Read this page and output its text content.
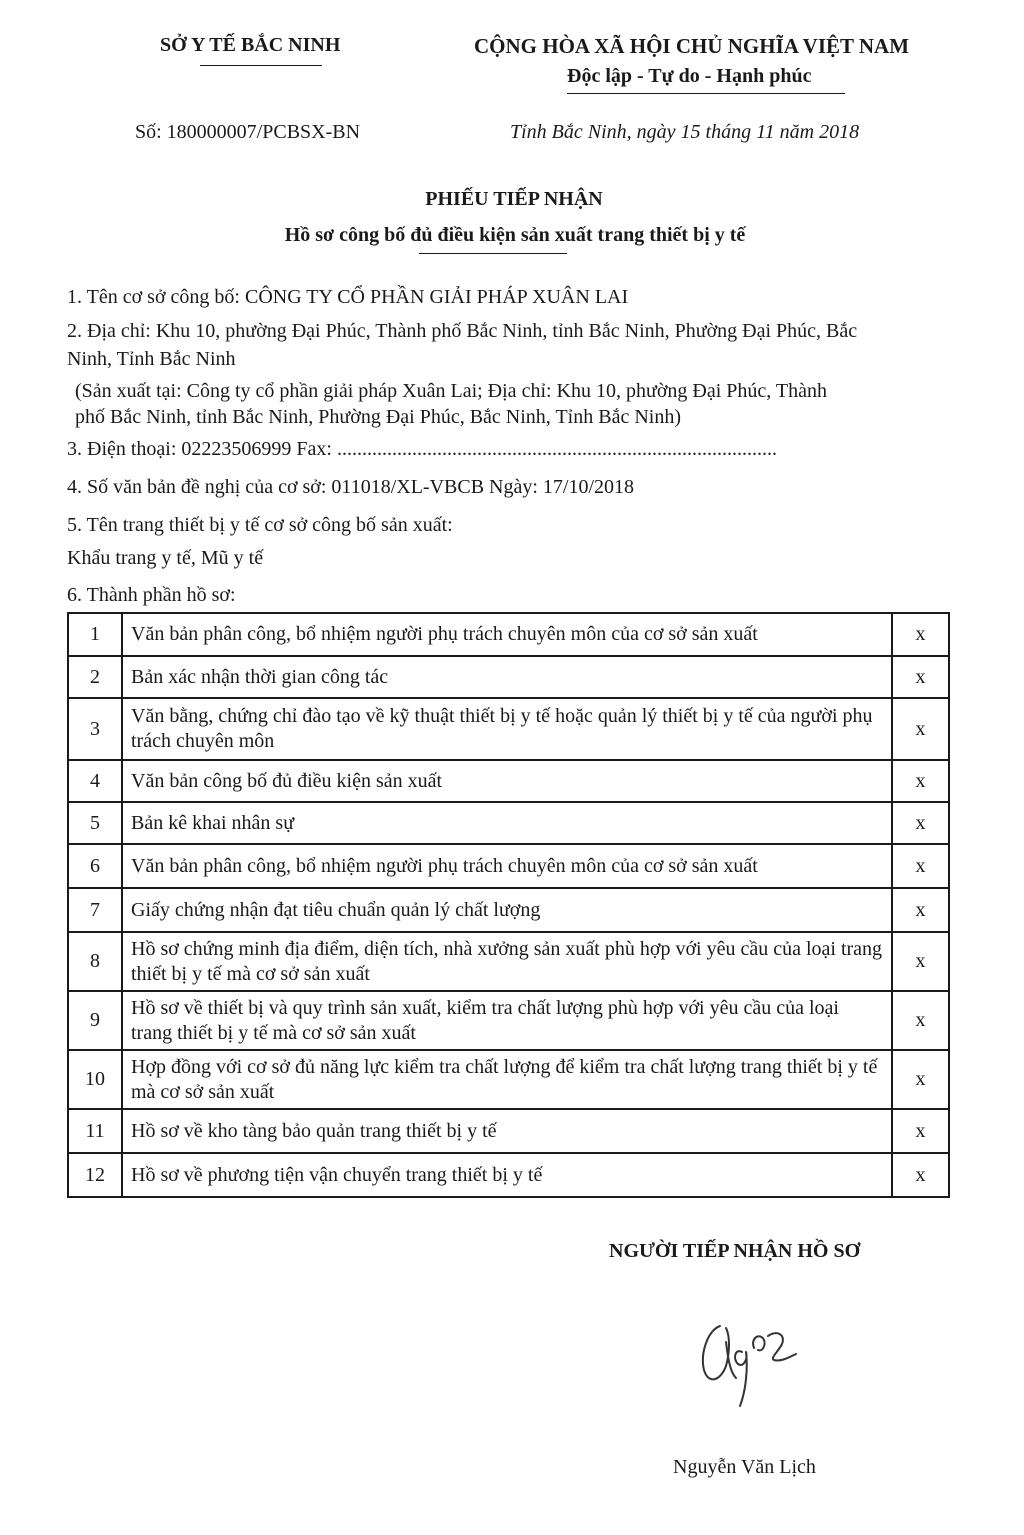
SỞ Y TẾ BẮC NINH	CỘNG HÒA XÃ HỘI CHỦ NGHĨA VIỆT NAM
Độc lập - Tự do - Hạnh phúc
Số: 180000007/PCBSX-BN	Tỉnh Bắc Ninh, ngày 15 tháng 11 năm 2018
PHIẾU TIẾP NHẬN
Hồ sơ công bố đủ điều kiện sản xuất trang thiết bị y tế
1. Tên cơ sở công bố: CÔNG TY CỔ PHẦN GIẢI PHÁP XUÂN LAI
2. Địa chỉ: Khu 10, phường Đại Phúc, Thành phố Bắc Ninh, tỉnh Bắc Ninh, Phường Đại Phúc, Bắc
Ninh, Tỉnh Bắc Ninh
(Sản xuất tại: Công ty cổ phần giải pháp Xuân Lai; Địa chỉ: Khu 10, phường Đại Phúc, Thành
phố Bắc Ninh, tỉnh Bắc Ninh, Phường Đại Phúc, Bắc Ninh, Tỉnh Bắc Ninh)
3. Điện thoại: 02223506999 Fax: ........................................................................................
4. Số văn bản đề nghị của cơ sở: 011018/XL-VBCB Ngày: 17/10/2018
5. Tên trang thiết bị y tế cơ sở công bố sản xuất:
Khẩu trang y tế, Mũ y tế
6. Thành phần hồ sơ:
1	Văn bản phân công, bổ nhiệm người phụ trách chuyên môn của cơ sở sản xuất	x
2	Bản xác nhận thời gian công tác	x
3	Văn bằng, chứng chỉ đào tạo về kỹ thuật thiết bị y tế hoặc quản lý thiết bị y tế của người phụ trách chuyên môn	x
4	Văn bản công bố đủ điều kiện sản xuất	x
5	Bản kê khai nhân sự	x
6	Văn bản phân công, bổ nhiệm người phụ trách chuyên môn của cơ sở sản xuất	x
7	Giấy chứng nhận đạt tiêu chuẩn quản lý chất lượng	x
8	Hồ sơ chứng minh địa điểm, diện tích, nhà xưởng sản xuất phù hợp với yêu cầu của loại trang thiết bị y tế mà cơ sở sản xuất	x
9	Hồ sơ về thiết bị và quy trình sản xuất, kiểm tra chất lượng phù hợp với yêu cầu của loại trang thiết bị y tế mà cơ sở sản xuất	x
10	Hợp đồng với cơ sở đủ năng lực kiểm tra chất lượng để kiểm tra chất lượng trang thiết bị y tế mà cơ sở sản xuất	x
11	Hồ sơ về kho tàng bảo quản trang thiết bị y tế	x
12	Hồ sơ về phương tiện vận chuyển trang thiết bị y tế	x
NGƯỜI TIẾP NHẬN HỒ SƠ
Nguyễn Văn Lịch
